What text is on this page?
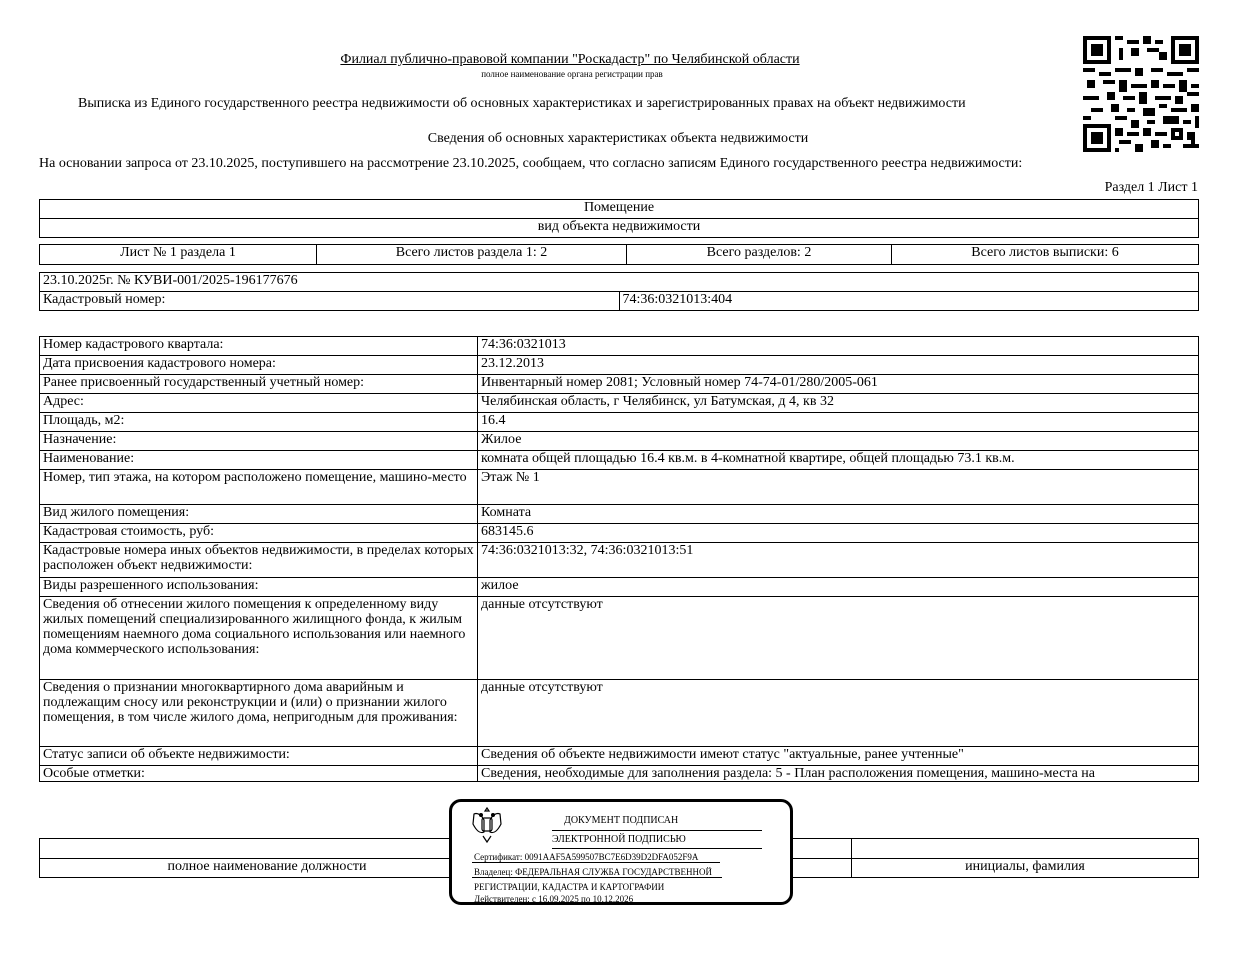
Филиал публично-правовой компании "Роскадастр" по Челябинской области
полное наименование органа регистрации прав
Выписка из Единого государственного реестра недвижимости об основных характеристиках и зарегистрированных правах на объект недвижимости
Сведения об основных характеристиках объекта недвижимости
На основании запроса от 23.10.2025, поступившего на рассмотрение 23.10.2025, сообщаем, что согласно записям Единого государственного реестра недвижимости:
Раздел 1 Лист 1
Помещение
вид объекта недвижимости
Лист № 1 раздела 1	Всего листов раздела 1: 2	Всего разделов: 2	Всего листов выписки: 6
23.10.2025г. № КУВИ-001/2025-196177676
Кадастровый номер:	74:36:0321013:404
Номер кадастрового квартала:	74:36:0321013
Дата присвоения кадастрового номера:	23.12.2013
Ранее присвоенный государственный учетный номер:	Инвентарный номер 2081; Условный номер 74-74-01/280/2005-061
Адрес:	Челябинская область, г Челябинск, ул Батумская, д 4, кв 32
Площадь, м2:	16.4
Назначение:	Жилое
Наименование:	комната общей площадью 16.4 кв.м. в 4-комнатной квартире, общей площадью 73.1 кв.м.
Номер, тип этажа, на котором расположено помещение, машино-место	Этаж № 1
Вид жилого помещения:	Комната
Кадастровая стоимость, руб:	683145.6
Кадастровые номера иных объектов недвижимости, в пределах которых расположен объект недвижимости:	74:36:0321013:32, 74:36:0321013:51
Виды разрешенного использования:	жилое
Сведения об отнесении жилого помещения к определенному виду жилых помещений специализированного жилищного фонда, к жилым помещениям наемного дома социального использования или наемного дома коммерческого использования:	данные отсутствуют
Сведения о признании многоквартирного дома аварийным и подлежащим сносу или реконструкции и (или) о признании жилого помещения, в том числе жилого дома, непригодным для проживания:	данные отсутствуют
Статус записи об объекте недвижимости:	Сведения об объекте недвижимости имеют статус "актуальные, ранее учтенные"
Особые отметки:	Сведения, необходимые для заполнения раздела: 5 - План расположения помещения, машино-места на

полное наименование должности		инициалы, фамилия
ДОКУМЕНТ ПОДПИСАН
ЭЛЕКТРОННОЙ ПОДПИСЬЮ
Сертификат: 0091AAF5A599507BC7E6D39D2DFA052F9A
Владелец: ФЕДЕРАЛЬНАЯ СЛУЖБА ГОСУДАРСТВЕННОЙ
РЕГИСТРАЦИИ, КАДАСТРА И КАРТОГРАФИИ
Действителен: с 16.09.2025 по 10.12.2026
